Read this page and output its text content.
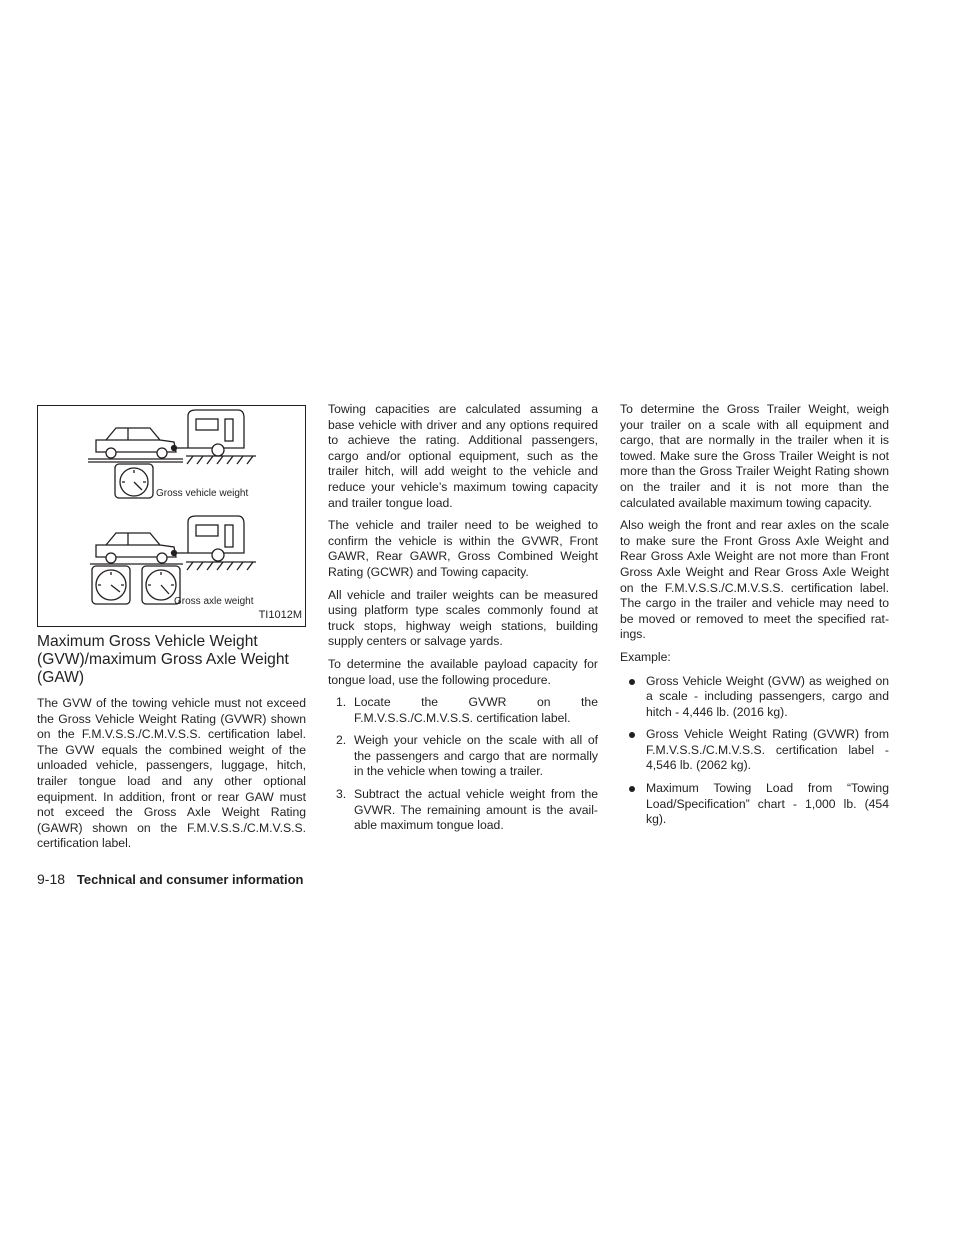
Gross vehicle weight
Gross axle weight
TI1012M
Maximum Gross Vehicle Weight (GVW)/maximum Gross Axle Weight (GAW)

The GVW of the towing vehicle must not exceed the Gross Vehicle Weight Rating (GVWR) shown on the F.M.V.S.S./C.M.V.S.S. certification label. The GVW equals the combined weight of the unloaded vehicle, passengers, luggage, hitch, trailer tongue load and any other optional equipment. In addition, front or rear GAW must not exceed the Gross Axle Weight Rating (GAWR) shown on the F.M.V.S.S./C.M.V.S.S. certification label.

Towing capacities are calculated assuming a base vehicle with driver and any options required to achieve the rating. Additional passengers, cargo and/or optional equipment, such as the trailer hitch, will add weight to the vehicle and reduce your vehicle’s maximum towing capacity and trailer tongue load.

The vehicle and trailer need to be weighed to confirm the vehicle is within the GVWR, Front GAWR, Rear GAWR, Gross Combined Weight Rating (GCWR) and Towing capacity.

All vehicle and trailer weights can be measured using platform type scales commonly found at truck stops, highway weigh stations, building supply centers or salvage yards.

To determine the available payload capacity for tongue load, use the following procedure.

1. Locate the GVWR on the F.M.V.S.S./C.M.V.S.S. certification label.
2. Weigh your vehicle on the scale with all of the passengers and cargo that are normally in the vehicle when towing a trailer.
3. Subtract the actual vehicle weight from the GVWR. The remaining amount is the avail-able maximum tongue load.

To determine the Gross Trailer Weight, weigh your trailer on a scale with all equipment and cargo, that are normally in the trailer when it is towed. Make sure the Gross Trailer Weight is not more than the Gross Trailer Weight Rating shown on the trailer and it is not more than the calculated available maximum towing capacity.

Also weigh the front and rear axles on the scale to make sure the Front Gross Axle Weight and Rear Gross Axle Weight are not more than Front Gross Axle Weight and Rear Gross Axle Weight on the F.M.V.S.S./C.M.V.S.S. certification label. The cargo in the trailer and vehicle may need to be moved or removed to meet the specified rat-ings.

Example:

Gross Vehicle Weight (GVW) as weighed on a scale - including passengers, cargo and hitch - 4,446 lb. (2016 kg).
Gross Vehicle Weight Rating (GVWR) from F.M.V.S.S./C.M.V.S.S. certification label - 4,546 lb. (2062 kg).
Maximum Towing Load from “Towing Load/Specification” chart - 1,000 lb. (454 kg).
9-18 Technical and consumer information
